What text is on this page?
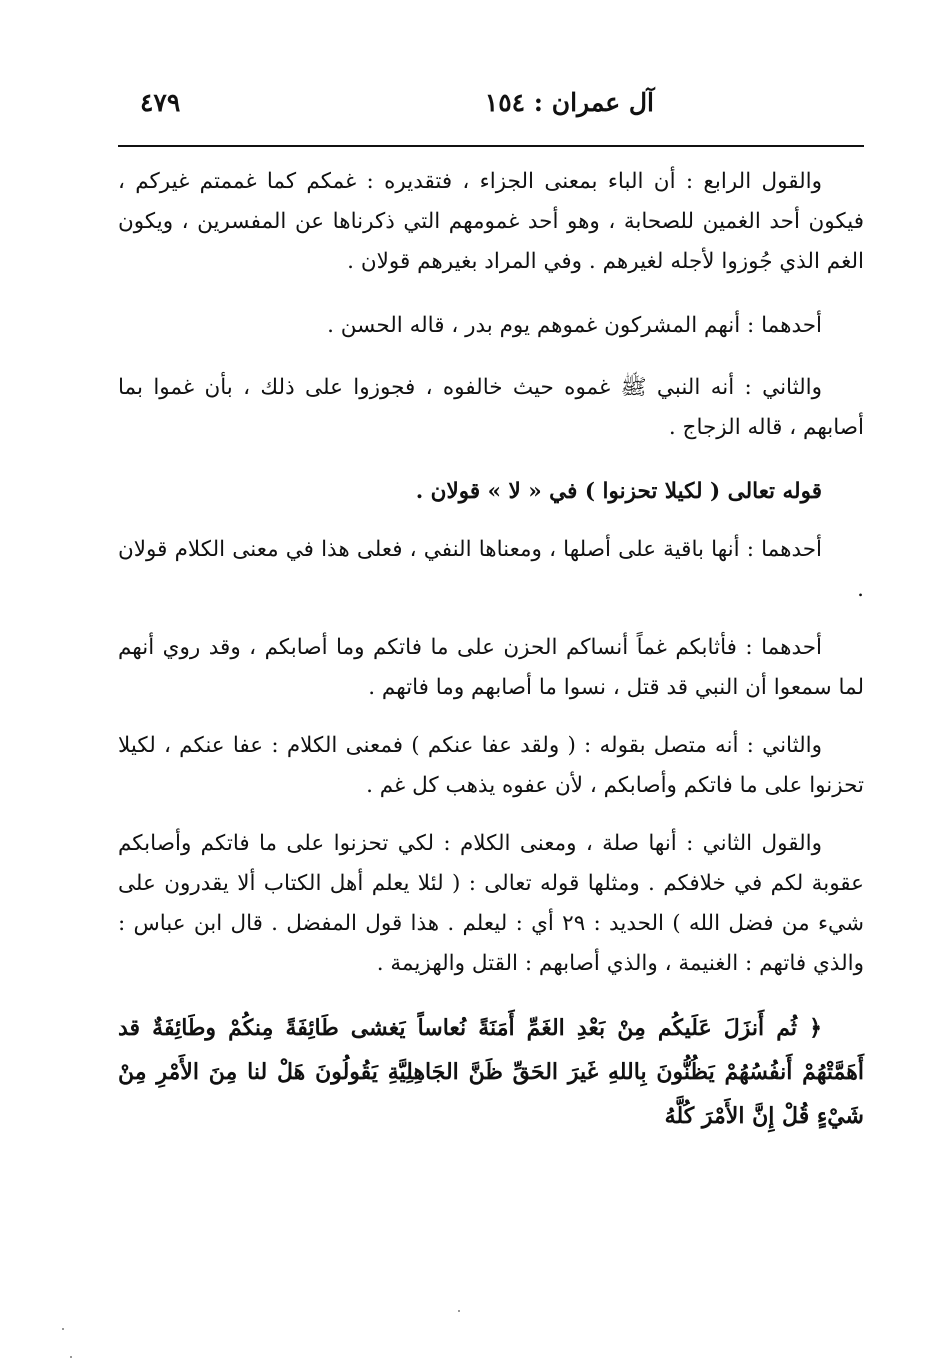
آل عمران : ١٥٤
٤٧٩

والقول الرابع : أن الباء بمعنى الجزاء ، فتقديره : غمكم كما غممتم غيركم ، فيكون أحد الغمين للصحابة ، وهو أحد غمومهم التي ذكرناها عن المفسرين ، ويكون الغم الذي جُوزوا لأجله لغيرهم . وفي المراد بغيرهم قولان .

أحدهما : أنهم المشركون غموهم يوم بدر ، قاله الحسن .

والثاني : أنه النبي ﷺ غموه حيث خالفوه ، فجوزوا على ذلك ، بأن غموا بما أصابهم ، قاله الزجاج .

قوله تعالى ( لكيلا تحزنوا ) في « لا » قولان .

أحدهما : أنها باقية على أصلها ، ومعناها النفي ، فعلى هذا في معنى الكلام قولان .

أحدهما : فأثابكم غماً أنساكم الحزن على ما فاتكم وما أصابكم ، وقد روي أنهم لما سمعوا أن النبي قد قتل ، نسوا ما أصابهم وما فاتهم .

والثاني : أنه متصل بقوله : ( ولقد عفا عنكم ) فمعنى الكلام : عفا عنكم ، لكيلا تحزنوا على ما فاتكم وأصابكم ، لأن عفوه يذهب كل غم .

والقول الثاني : أنها صلة ، ومعنى الكلام : لكي تحزنوا على ما فاتكم وأصابكم عقوبة لكم في خلافكم . ومثلها قوله تعالى : ( لئلا يعلم أهل الكتاب ألا يقدرون على شيء من فضل الله ) الحديد : ٢٩ أي : ليعلم . هذا قول المفضل . قال ابن عباس : والذي فاتهم : الغنيمة ، والذي أصابهم : القتل والهزيمة .

﴿ ثُم أَنزَلَ عَلَيكُم مِنْ بَعْدِ الغَمِّ أَمَنَةً نُعاساً يَغشى طَائِفَةً مِنكُمْ وطَائِفَةٌ قد أَهَمَّتْهُمْ أَنفُسُهُمْ يَظُنُّونَ بِاللهِ غَيرَ الحَقِّ ظَنَّ الجَاهِلِيَّةِ يَقُولُونَ هَلْ لنا مِنَ الأَمْرِ مِنْ شَيْءٍ قُلْ إِنَّ الأَمْرَ كُلَّهُ
